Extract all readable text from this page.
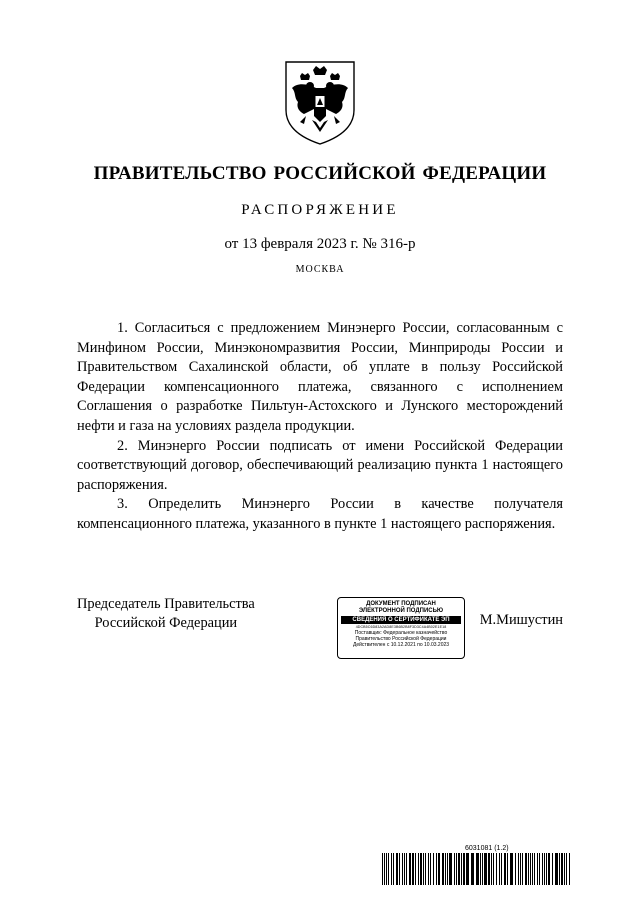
ПРАВИТЕЛЬСТВО РОССИЙСКОЙ ФЕДЕРАЦИИ
РАСПОРЯЖЕНИЕ
от 13 февраля 2023 г. № 316-р
МОСКВА

1. Согласиться с предложением Минэнерго России, согласованным с Минфином России, Минэкономразвития России, Минприроды России и Правительством Сахалинской области, об уплате в пользу Российской Федерации компенсационного платежа, связанного с исполнением Соглашения о разработке Пильтун-Астохского и Лунского месторождений нефти и газа на условиях раздела продукции.

2. Минэнерго России подписать от имени Российской Федерации соответствующий договор, обеспечивающий реализацию пункта 1 настоящего распоряжения.

3. Определить Минэнерго России в качестве получателя компенсационного платежа, указанного в пункте 1 настоящего распоряжения.

Председатель Правительства
Российской Федерации
ДОКУМЕНТ ПОДПИСАН
ЭЛЕКТРОННОЙ ПОДПИСЬЮ
СВЕДЕНИЯ О СЕРТИФИКАТЕ ЭП
4DCB5C6D83A2AD8E3B6B2B8F3D3C4A4B02E1E18
Поставщик: Федеральное казначейство
Правительство Российской Федерации
Действителен с 10.12.2021 по 10.03.2023
М.Мишустин
6031081 (1.2)
